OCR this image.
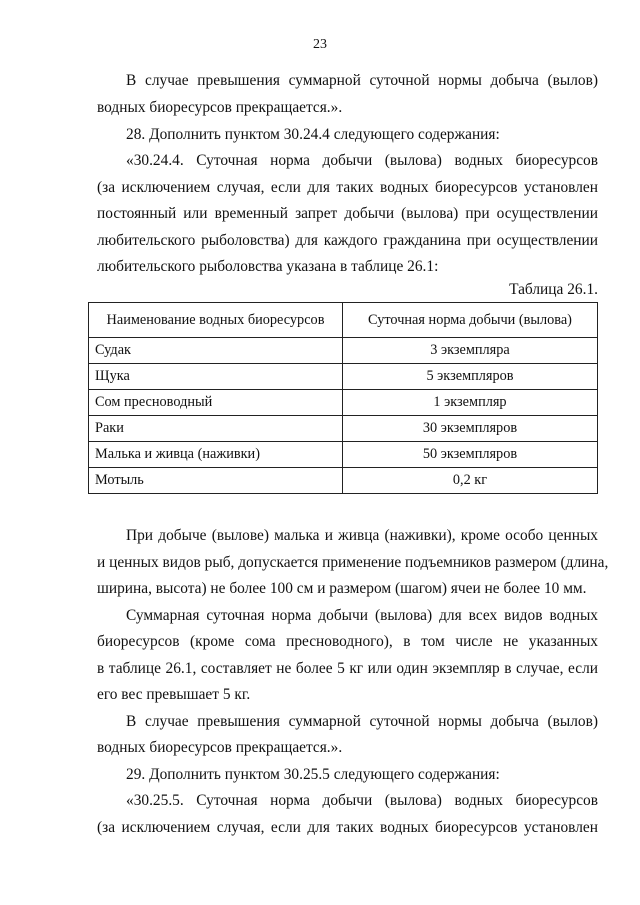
23
В случае превышения суммарной суточной нормы добыча (вылов)
водных биоресурсов прекращается.».
28. Дополнить пунктом 30.24.4 следующего содержания:
«30.24.4. Суточная норма добычи (вылова) водных биоресурсов
(за исключением случая, если для таких водных биоресурсов установлен
постоянный или временный запрет добычи (вылова) при осуществлении
любительского рыболовства) для каждого гражданина при осуществлении
любительского рыболовства указана в таблице 26.1:
Таблица 26.1.
Наименование водных биоресурсов	Суточная норма добычи (вылова)
Судак	3 экземпляра
Щука	5 экземпляров
Сом пресноводный	1 экземпляр
Раки	30 экземпляров
Малька и живца (наживки)	50 экземпляров
Мотыль	0,2 кг
При добыче (вылове) малька и живца (наживки), кроме особо ценных
и ценных видов рыб, допускается применение подъемников размером (длина,
ширина, высота) не более 100 см и размером (шагом) ячеи не более 10 мм.
Суммарная суточная норма добычи (вылова) для всех видов водных
биоресурсов (кроме сома пресноводного), в том числе не указанных
в таблице 26.1, составляет не более 5 кг или один экземпляр в случае, если
его вес превышает 5 кг.
В случае превышения суммарной суточной нормы добыча (вылов)
водных биоресурсов прекращается.».
29. Дополнить пунктом 30.25.5 следующего содержания:
«30.25.5. Суточная норма добычи (вылова) водных биоресурсов
(за исключением случая, если для таких водных биоресурсов установлен
